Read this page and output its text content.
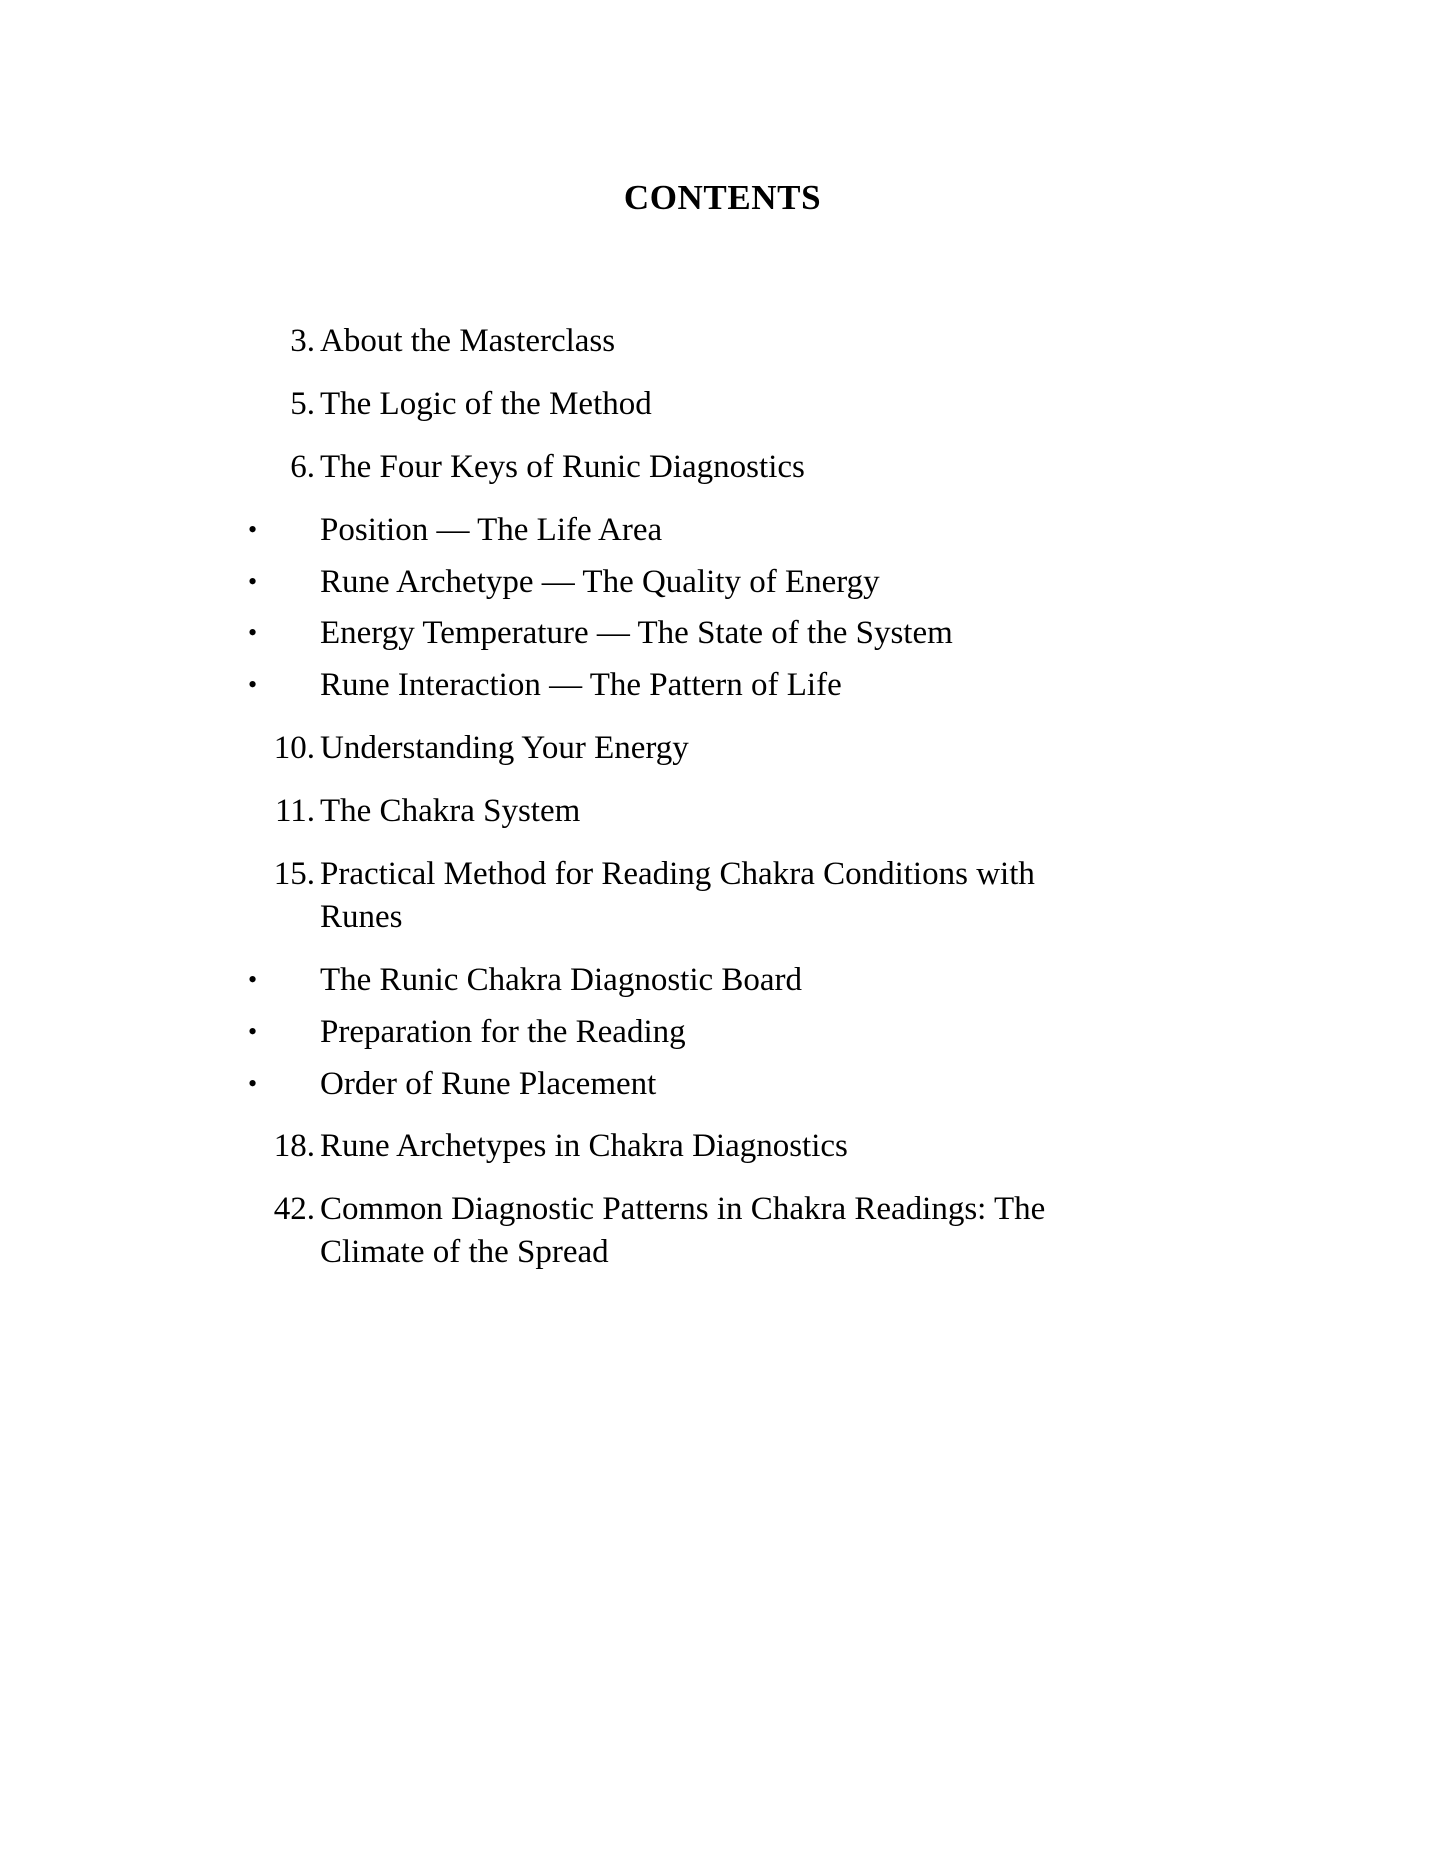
CONTENTS
3. About the Masterclass
5. The Logic of the Method
6. The Four Keys of Runic Diagnostics
•	Position — The Life Area
•	Rune Archetype — The Quality of Energy
•	Energy Temperature — The State of the System
•	Rune Interaction — The Pattern of Life
10. Understanding Your Energy
11. The Chakra System
15. Practical Method for Reading Chakra Conditions with Runes
•	The Runic Chakra Diagnostic Board
•	Preparation for the Reading
•	Order of Rune Placement
18. Rune Archetypes in Chakra Diagnostics
42. Common Diagnostic Patterns in Chakra Readings: The Climate of the Spread
